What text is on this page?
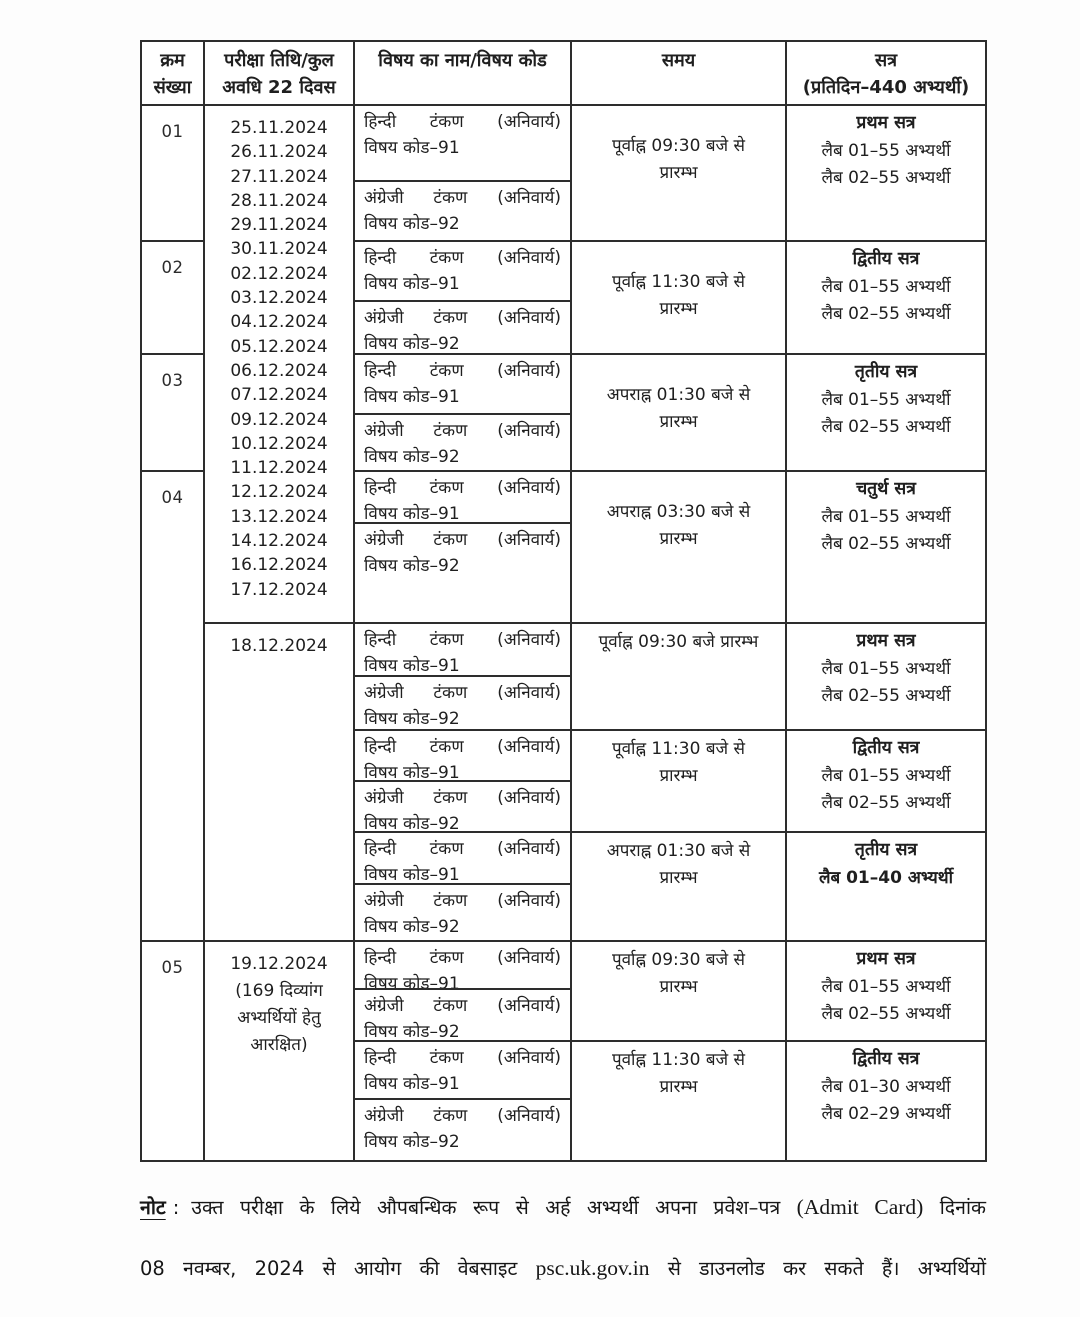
क्रम संख्या
परीक्षा तिथि/कुल अवधि 22 दिवस
विषय का नाम/विषय कोड	समय	सत्र
(प्रतिदिन–440 अभ्यर्थी)
01
02
03
04
05
25.11.2024
26.11.2024
27.11.2024
28.11.2024
29.11.2024
30.11.2024
02.12.2024
03.12.2024
04.12.2024
05.12.2024
06.12.2024
07.12.2024
09.12.2024
10.12.2024
11.12.2024
12.12.2024
13.12.2024
14.12.2024
16.12.2024
17.12.2024
18.12.2024
19.12.2024
(169 दिव्यांग
अभ्यर्थियों हेतु
आरक्षित)
हिन्दी टंकण (अनिवार्य)
विषय कोड–91
अंग्रेजी टंकण (अनिवार्य)
विषय कोड–92
हिन्दी टंकण (अनिवार्य)
विषय कोड–91
अंग्रेजी टंकण (अनिवार्य)
विषय कोड–92
हिन्दी टंकण (अनिवार्य)
विषय कोड–91
अंग्रेजी टंकण (अनिवार्य)
विषय कोड–92
हिन्दी टंकण (अनिवार्य)
विषय कोड–91
अंग्रेजी टंकण (अनिवार्य)
विषय कोड–92
हिन्दी टंकण (अनिवार्य)
विषय कोड–91
अंग्रेजी टंकण (अनिवार्य)
विषय कोड–92
हिन्दी टंकण (अनिवार्य)
विषय कोड–91
अंग्रेजी टंकण (अनिवार्य)
विषय कोड–92
हिन्दी टंकण (अनिवार्य)
विषय कोड–91
अंग्रेजी टंकण (अनिवार्य)
विषय कोड–92
हिन्दी टंकण (अनिवार्य)
विषय कोड–91
अंग्रेजी टंकण (अनिवार्य)
विषय कोड–92
हिन्दी टंकण (अनिवार्य)
विषय कोड–91
अंग्रेजी टंकण (अनिवार्य)
विषय कोड–92
पूर्वाह्न 09:30 बजे से
प्रारम्भ
पूर्वाह्न 11:30 बजे से
प्रारम्भ
अपराह्न 01:30 बजे से
प्रारम्भ
अपराह्न 03:30 बजे से
प्रारम्भ
पूर्वाह्न 09:30 बजे प्रारम्भ
पूर्वाह्न 11:30 बजे से
प्रारम्भ
अपराह्न 01:30 बजे से
प्रारम्भ
पूर्वाह्न 09:30 बजे से
प्रारम्भ
पूर्वाह्न 11:30 बजे से
प्रारम्भ
प्रथम सत्र
लैब 01–55 अभ्यर्थी
लैब 02–55 अभ्यर्थी
द्वितीय सत्र
लैब 01–55 अभ्यर्थी
लैब 02–55 अभ्यर्थी
तृतीय सत्र
लैब 01–55 अभ्यर्थी
लैब 02–55 अभ्यर्थी
चतुर्थ सत्र
लैब 01–55 अभ्यर्थी
लैब 02–55 अभ्यर्थी
प्रथम सत्र
लैब 01–55 अभ्यर्थी
लैब 02–55 अभ्यर्थी
द्वितीय सत्र
लैब 01–55 अभ्यर्थी
लैब 02–55 अभ्यर्थी
तृतीय सत्र
लैब 01–40 अभ्यर्थी
प्रथम सत्र
लैब 01–55 अभ्यर्थी
लैब 02–55 अभ्यर्थी
द्वितीय सत्र
लैब 01–30 अभ्यर्थी
लैब 02–29 अभ्यर्थी
नोट : उक्त परीक्षा के लिये औपबन्धिक रूप से अर्ह अभ्यर्थी अपना प्रवेश–पत्र (Admit Card) दिनांक
08 नवम्बर, 2024 से आयोग की वेबसाइट psc.uk.gov.in से डाउनलोड कर सकते हैं। अभ्यर्थियों
